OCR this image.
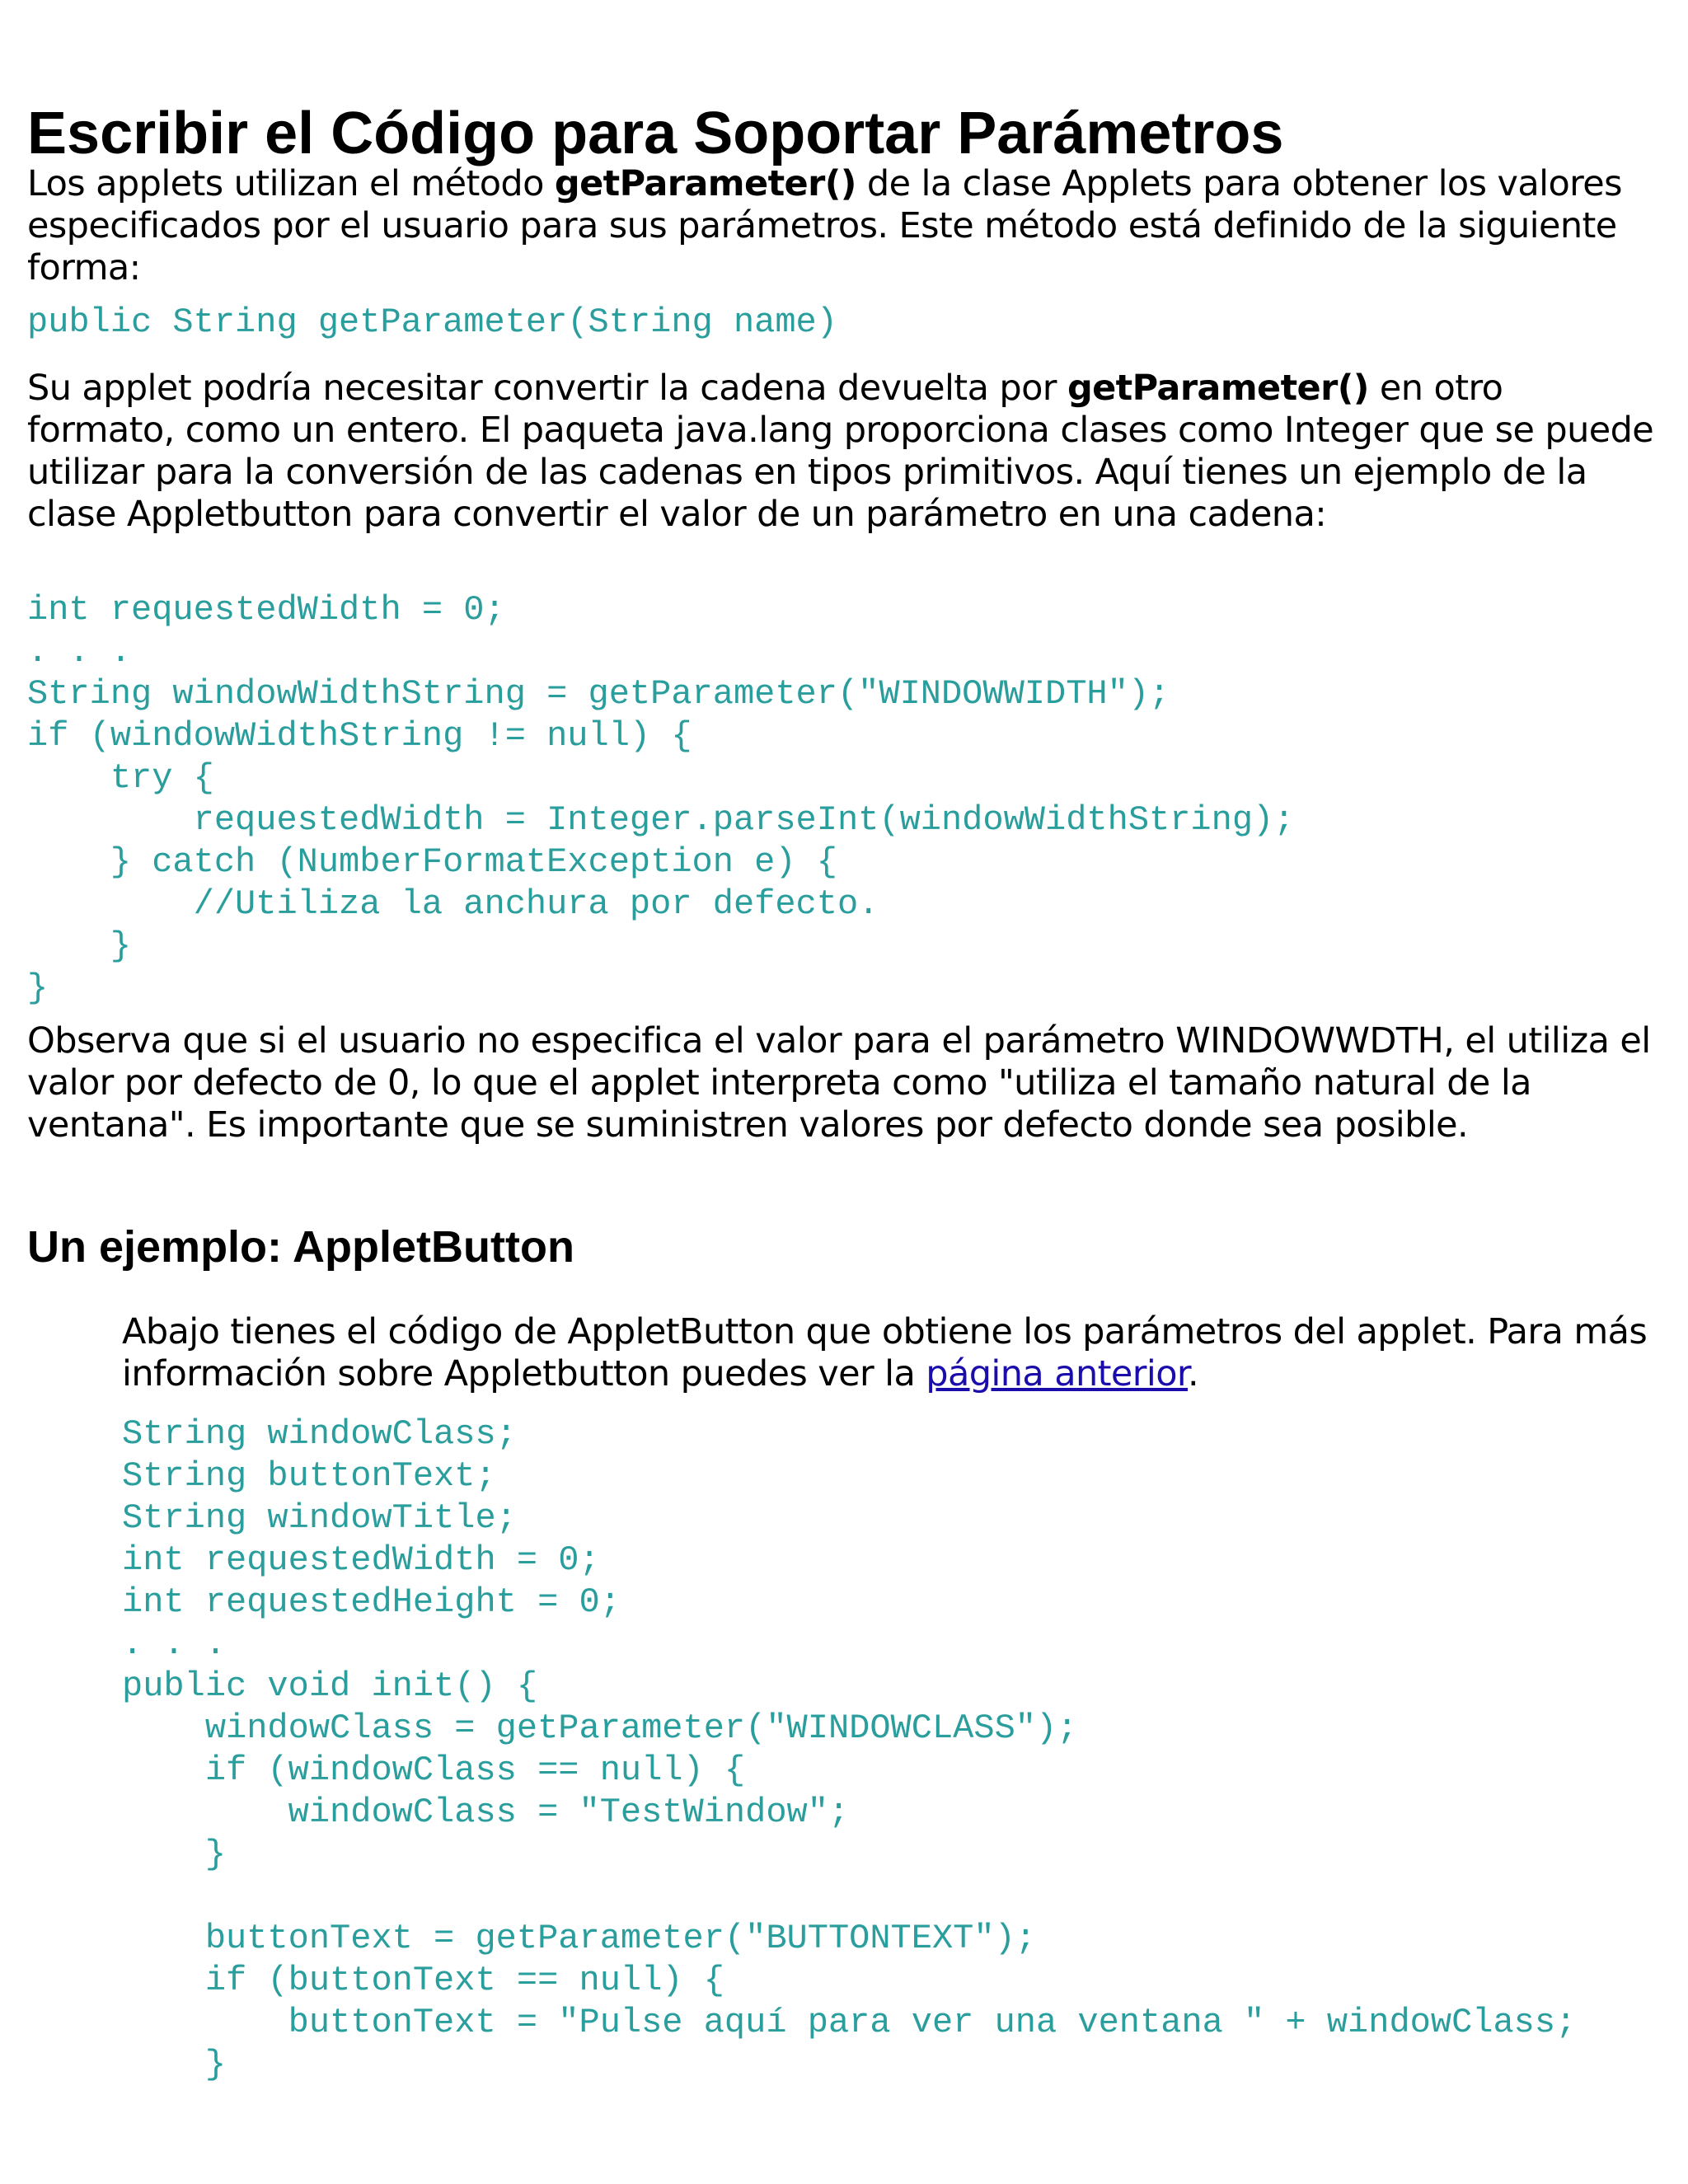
Escribir el Código para Soportar Parámetros

Los applets utilizan el método getParameter() de la clase Applets para obtener los valores especificados por el usuario para sus parámetros. Este método está definido de la siguiente forma:

public String getParameter(String name)

Su applet podría necesitar convertir la cadena devuelta por getParameter() en otro formato, como un entero. El paqueta java.lang proporciona clases como Integer que se puede utilizar para la conversión de las cadenas en tipos primitivos. Aquí tienes un ejemplo de la clase Appletbutton para convertir el valor de un parámetro en una cadena:

int requestedWidth = 0;
. . .
String windowWidthString = getParameter("WINDOWWIDTH");
if (windowWidthString != null) {
try {
requestedWidth = Integer.parseInt(windowWidthString);
} catch (NumberFormatException e) {
//Utiliza la anchura por defecto.
}
}

Observa que si el usuario no especifica el valor para el parámetro WINDOWWDTH, el utiliza el valor por defecto de 0, lo que el applet interpreta como "utiliza el tamaño natural de la ventana". Es importante que se suministren valores por defecto donde sea posible.

Un ejemplo: AppletButton

Abajo tienes el código de AppletButton que obtiene los parámetros del applet. Para más información sobre Appletbutton puedes ver la página anterior.

String windowClass;
String buttonText;
String windowTitle;
int requestedWidth = 0;
int requestedHeight = 0;
. . .
public void init() {
windowClass = getParameter("WINDOWCLASS");
if (windowClass == null) {
windowClass = "TestWindow";
}

buttonText = getParameter("BUTTONTEXT");
if (buttonText == null) {
buttonText = "Pulse aquí para ver una ventana " + windowClass;
}
